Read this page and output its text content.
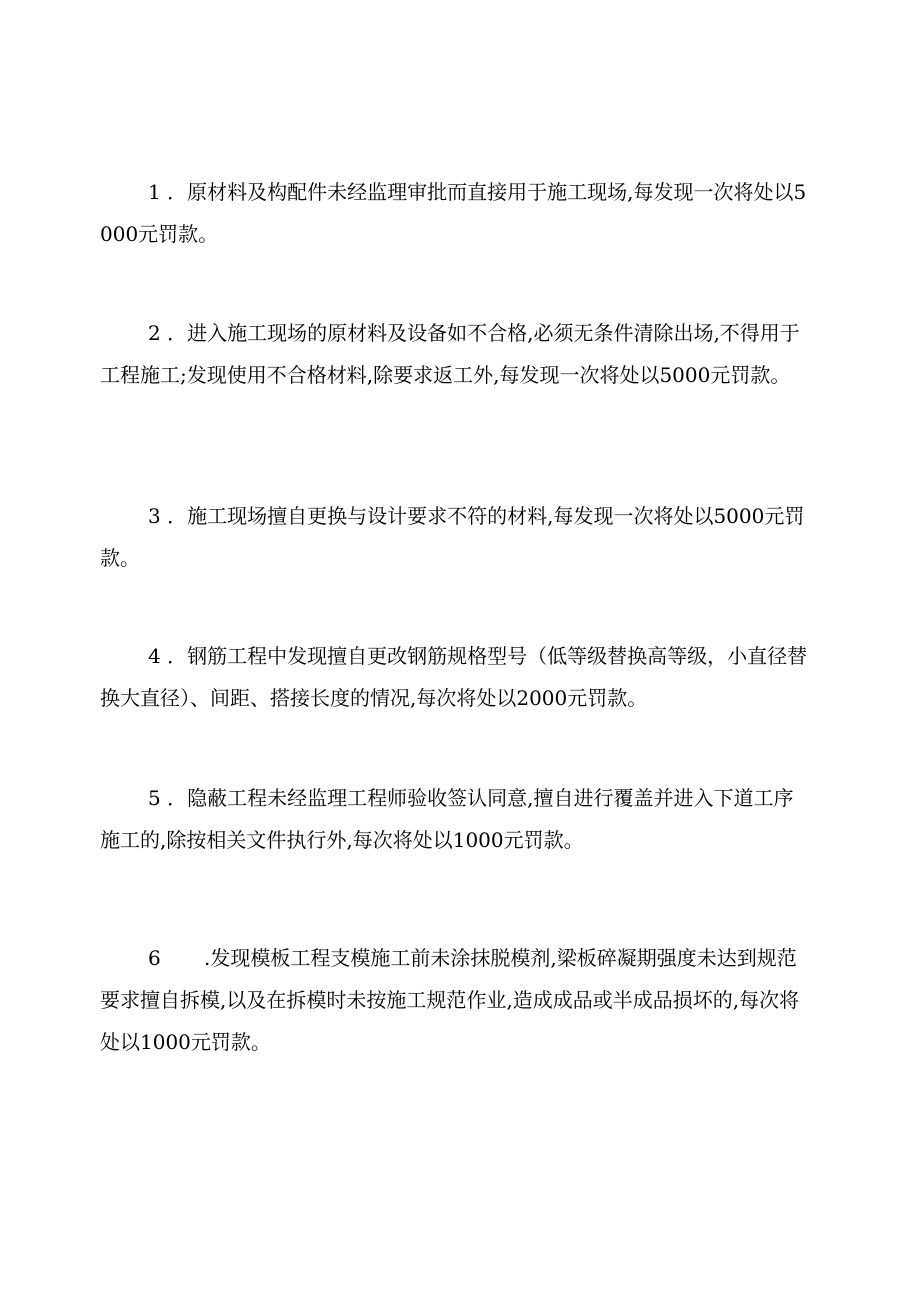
1 ．原材料及构配件未经监理审批而直接用于施工现场,每发现一次将处以5000元罚款。

2 ．进入施工现场的原材料及设备如不合格,必须无条件清除出场,不得用于工程施工;发现使用不合格材料,除要求返工外,每发现一次将处以5000元罚款。

3 ．施工现场擅自更换与设计要求不符的材料,每发现一次将处以5000元罚款。

4 ．钢筋工程中发现擅自更改钢筋规格型号（低等级替换高等级，小直径替换大直径）、间距、搭接长度的情况,每次将处以2000元罚款。

5 ．隐蔽工程未经监理工程师验收签认同意,擅自进行覆盖并进入下道工序施工的,除按相关文件执行外,每次将处以1000元罚款。

6 .发现模板工程支模施工前未涂抹脱模剂,梁板碎凝期强度未达到规范要求擅自拆模,以及在拆模时未按施工规范作业,造成成品或半成品损坏的,每次将处以1000元罚款。
